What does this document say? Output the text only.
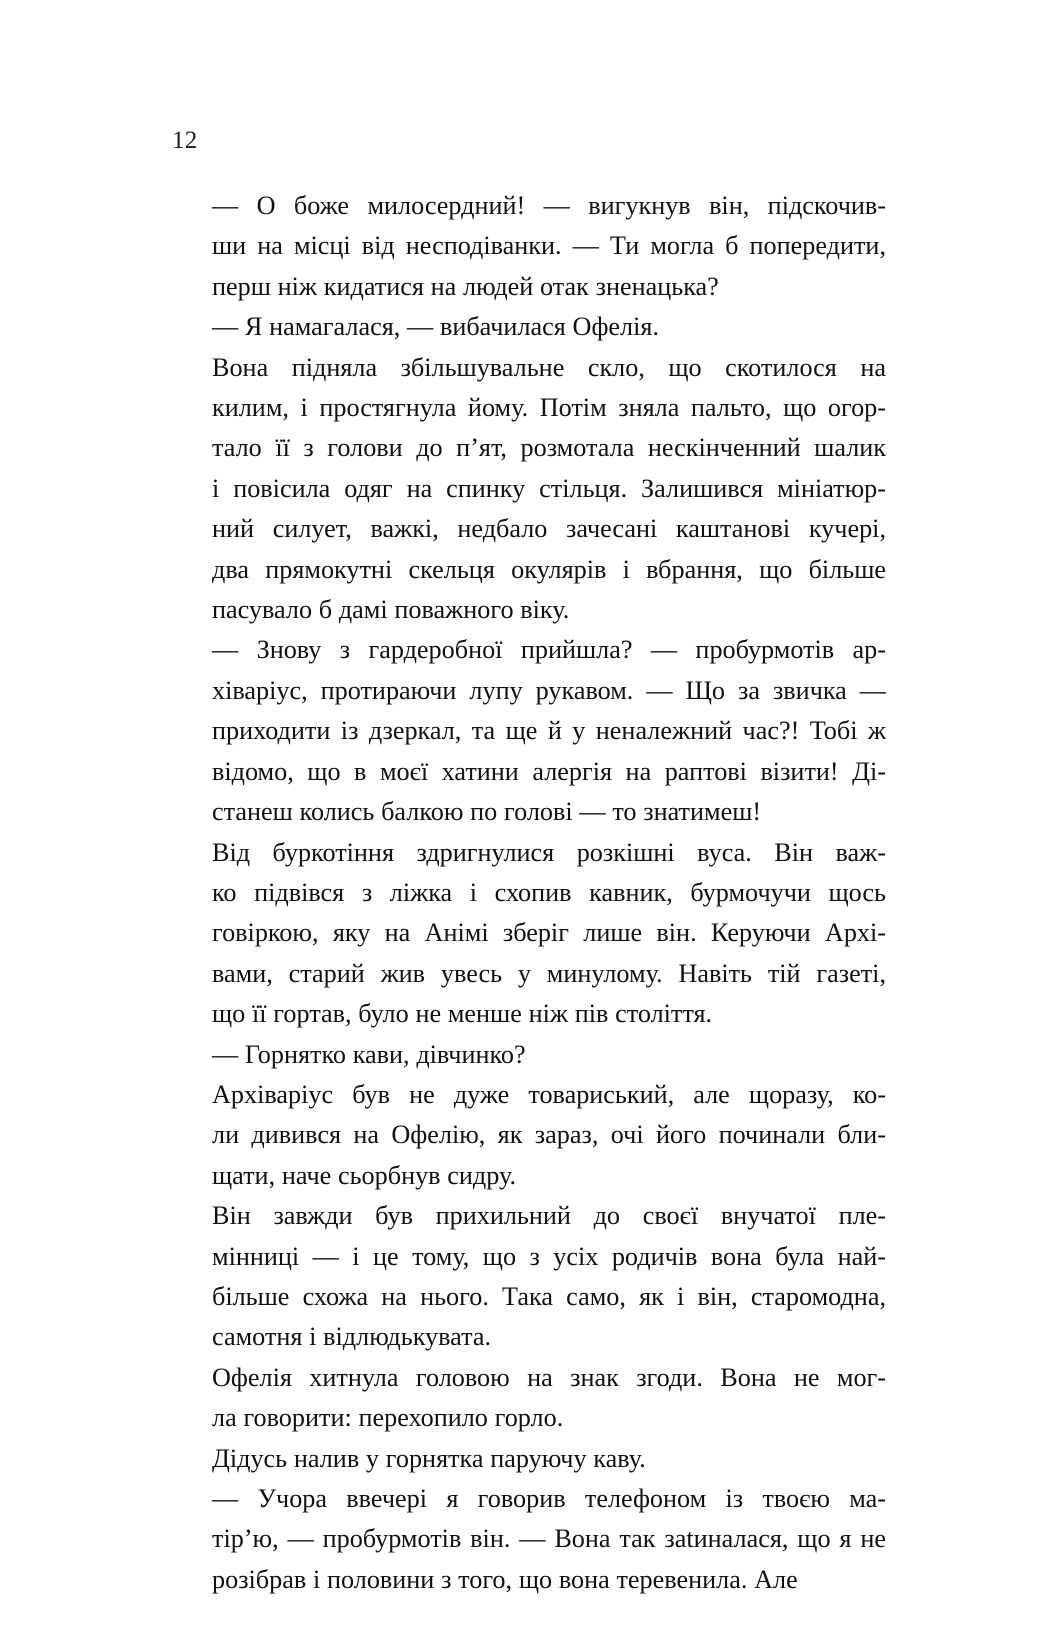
12

— О боже милосердний! — вигукнув він, підскочив-
ши на місці від несподіванки. — Ти могла б попередити,
перш ніж кидатися на людей отак зненацька?

— Я намагалася, — вибачилася Офелія.

Вона підняла збільшувальне скло, що скотилося на
килим, і простягнула йому. Потім зняла пальто, що огор-
тало її з голови до п’ят, розмотала нескінченний шалик
і повісила одяг на спинку стільця. Залишився мініатюр-
ний силует, важкі, недбало зачесані каштанові кучері,
два прямокутні скельця окулярів і вбрання, що більше
пасувало б дамі поважного віку.

— Знову з гардеробної прийшла? — пробурмотів ар-
хіваріус, протираючи лупу рукавом. — Що за звичка —
приходити із дзеркал, та ще й у неналежний час?! Тобі ж
відомо, що в моєї хатини алергія на раптові візити! Ді-
станеш колись балкою по голові — то знатимеш!

Від буркотіння здригнулися розкішні вуса. Він важ-
ко підвівся з ліжка і схопив кавник, бурмочучи щось
говіркою, яку на Анімі зберіг лише він. Керуючи Архі-
вами, старий жив увесь у минулому. Навіть тій газеті,
що її гортав, було не менше ніж пів століття.

— Горнятко кави, дівчинко?

Архіваріус був не дуже товариський, але щоразу, ко-
ли дивився на Офелію, як зараз, очі його починали бли-
щати, наче сьорбнув сидру.

Він завжди був прихильний до своєї внучатої пле-
мінниці — і це тому, що з усіх родичів вона була най-
більше схожа на нього. Така само, як і він, старомодна,
самотня і відлюдькувата.

Офелія хитнула головою на знак згоди. Вона не мог-
ла говорити: перехопило горло.

Дідусь налив у горнятка паруючу каву.

— Учора ввечері я говорив телефоном із твоєю ма-
тір’ю, — пробурмотів він. — Вона так заtиналася, що я не
розібрав і половини з того, що вона теревенила. Але
